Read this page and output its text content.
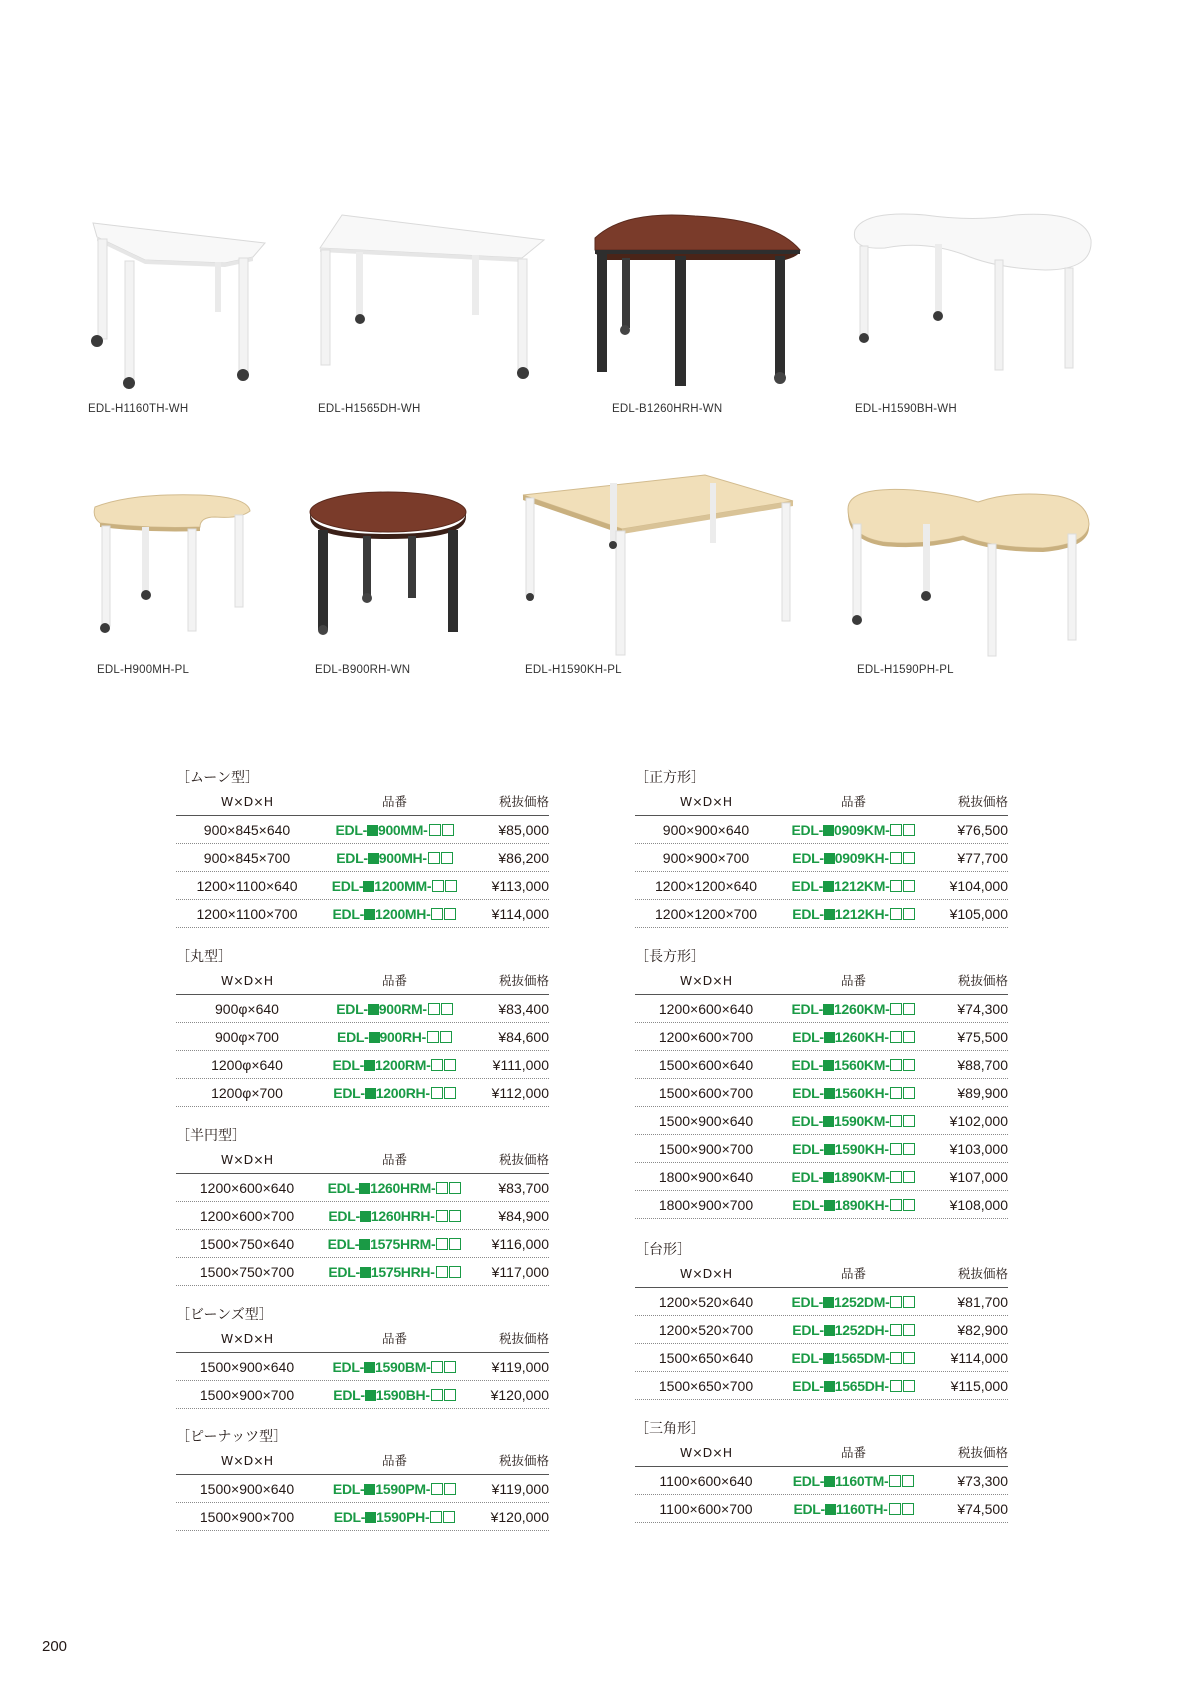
EDL-H1160TH-WH	EDL-H1565DH-WH	EDL-B1260HRH-WN	EDL-H1590BH-WH
EDL-H900MH-PL	EDL-B900RH-WN	EDL-H1590KH-PL	EDL-H1590PH-PL
［ムーン型］
W×D×H	品番	税抜価格
900×845×640	EDL- 900MM-	¥85,000
900×845×700	EDL- 900MH-	¥86,200
1200×1100×640	EDL- 1200MM-	¥113,000
1200×1100×700	EDL- 1200MH-	¥114,000
［丸型］
W×D×H	品番	税抜価格
900φ×640	EDL- 900RM-	¥83,400
900φ×700	EDL- 900RH-	¥84,600
1200φ×640	EDL- 1200RM-	¥111,000
1200φ×700	EDL- 1200RH-	¥112,000
［半円型］
W×D×H	品番	税抜価格
1200×600×640	EDL- 1260HRM-	¥83,700
1200×600×700	EDL- 1260HRH-	¥84,900
1500×750×640	EDL- 1575HRM-	¥116,000
1500×750×700	EDL- 1575HRH-	¥117,000
［ビーンズ型］
W×D×H	品番	税抜価格
1500×900×640	EDL- 1590BM-	¥119,000
1500×900×700	EDL- 1590BH-	¥120,000
［ピーナッツ型］
W×D×H	品番	税抜価格
1500×900×640	EDL- 1590PM-	¥119,000
1500×900×700	EDL- 1590PH-	¥120,000
［正方形］
W×D×H	品番	税抜価格
900×900×640	EDL- 0909KM-	¥76,500
900×900×700	EDL- 0909KH-	¥77,700
1200×1200×640	EDL- 1212KM-	¥104,000
1200×1200×700	EDL- 1212KH-	¥105,000
［長方形］
W×D×H	品番	税抜価格
1200×600×640	EDL- 1260KM-	¥74,300
1200×600×700	EDL- 1260KH-	¥75,500
1500×600×640	EDL- 1560KM-	¥88,700
1500×600×700	EDL- 1560KH-	¥89,900
1500×900×640	EDL- 1590KM-	¥102,000
1500×900×700	EDL- 1590KH-	¥103,000
1800×900×640	EDL- 1890KM-	¥107,000
1800×900×700	EDL- 1890KH-	¥108,000
［台形］
W×D×H	品番	税抜価格
1200×520×640	EDL- 1252DM-	¥81,700
1200×520×700	EDL- 1252DH-	¥82,900
1500×650×640	EDL- 1565DM-	¥114,000
1500×650×700	EDL- 1565DH-	¥115,000
［三角形］
W×D×H	品番	税抜価格
1100×600×640	EDL- 1160TM-	¥73,300
1100×600×700	EDL- 1160TH-	¥74,500
200
